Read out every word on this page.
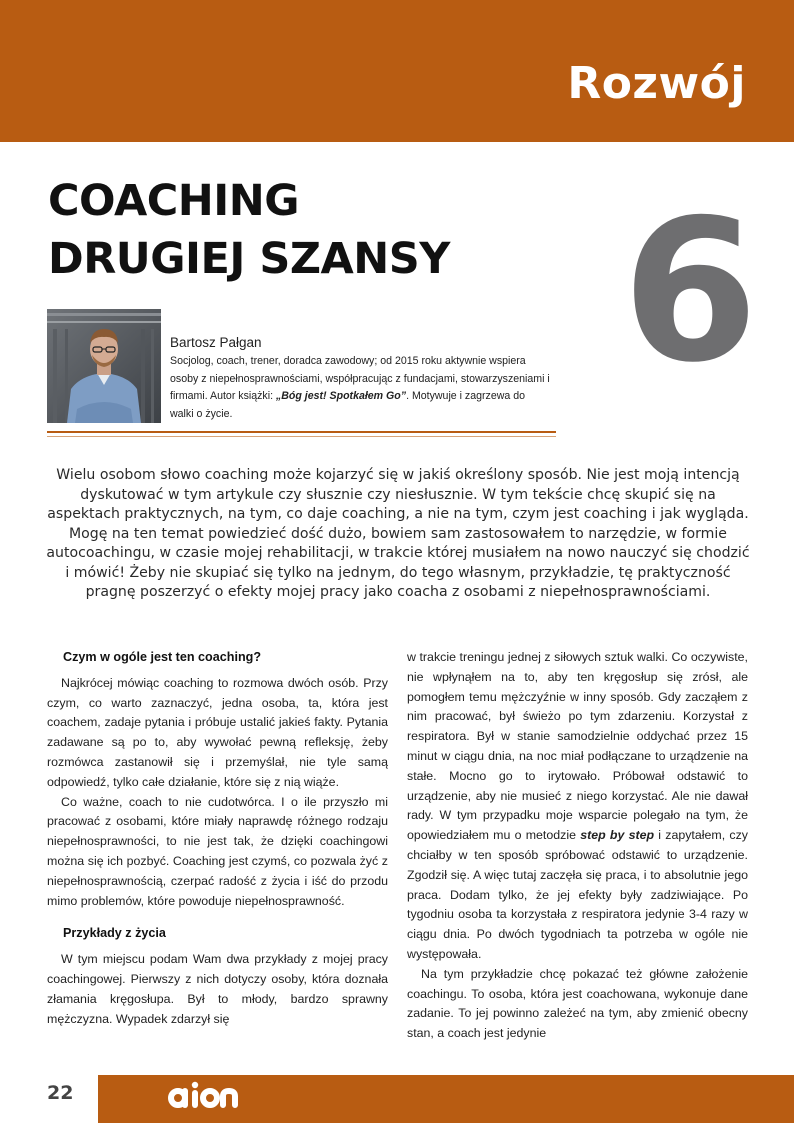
Rozwój
COACHING
DRUGIEJ SZANSY 6
Bartosz Pałgan
Socjolog, coach, trener, doradca zawodowy; od 2015 roku aktywnie wspiera osoby z niepełnosprawnościami, współpracując z fundacjami, stowarzyszeniami i firmami. Autor książki: „Bóg jest! Spotkałem Go”. Motywuje i zagrzewa do walki o życie.

Wielu osobom słowo coaching może kojarzyć się w jakiś określony sposób. Nie jest moją intencją dyskutować w tym artykule czy słusznie czy niesłusznie. W tym tekście chcę skupić się na aspektach praktycznych, na tym, co daje coaching, a nie na tym, czym jest coaching i jak wygląda. Mogę na ten temat powiedzieć dość dużo, bowiem sam zastosowałem to narzędzie, w formie autocoachingu, w czasie mojej rehabilitacji, w trakcie której musiałem na nowo nauczyć się chodzić i mówić! Żeby nie skupiać się tylko na jednym, do tego własnym, przykładzie, tę praktyczność pragnę poszerzyć o efekty mojej pracy jako coacha z osobami z niepełnosprawnościami.

Czym w ogóle jest ten coaching?

Najkrócej mówiąc coaching to rozmowa dwóch osób. Przy czym, co warto zaznaczyć, jedna osoba, ta, która jest coachem, zadaje pytania i próbuje ustalić jakieś fakty. Pytania zadawane są po to, aby wywołać pewną refleksję, żeby rozmówca zastanowił się i przemyślał, nie tyle samą odpowiedź, tylko całe działanie, które się z nią wiąże.

Co ważne, coach to nie cudotwórca. I o ile przyszło mi pracować z osobami, które miały naprawdę różnego rodzaju niepełnosprawności, to nie jest tak, że dzięki coachingowi można się ich pozbyć. Coaching jest czymś, co pozwala żyć z niepełnosprawnością, czerpać radość z życia i iść do przodu mimo problemów, które powoduje niepełnosprawność.

Przykłady z życia

W tym miejscu podam Wam dwa przykłady z mojej pracy coachingowej. Pierwszy z nich dotyczy osoby, która doznała złamania kręgosłupa. Był to młody, bardzo sprawny mężczyzna. Wypadek zdarzył się

w trakcie treningu jednej z siłowych sztuk walki. Co oczywiste, nie wpłynąłem na to, aby ten kręgosłup się zrósł, ale pomogłem temu mężczyźnie w inny sposób. Gdy zacząłem z nim pracować, był świeżo po tym zdarzeniu. Korzystał z respiratora. Był w stanie samodzielnie oddychać przez 15 minut w ciągu dnia, na noc miał podłączane to urządzenie na stałe. Mocno go to irytowało. Próbował odstawić to urządzenie, aby nie musieć z niego korzystać. Ale nie dawał rady. W tym przypadku moje wsparcie polegało na tym, że opowiedziałem mu o metodzie step by step i zapytałem, czy chciałby w ten sposób spróbować odstawić to urządzenie. Zgodził się. A więc tutaj zaczęła się praca, i to absolutnie jego praca. Dodam tylko, że jej efekty były zadziwiające. Po tygodniu osoba ta korzystała z respiratora jedynie 3-4 razy w ciągu dnia. Po dwóch tygodniach ta potrzeba w ogóle nie występowała.

Na tym przykładzie chcę pokazać też główne założenie coachingu. To osoba, która jest coachowana, wykonuje dane zadanie. To jej powinno zależeć na tym, aby zmienić obecny stan, a coach jest jedynie

22
